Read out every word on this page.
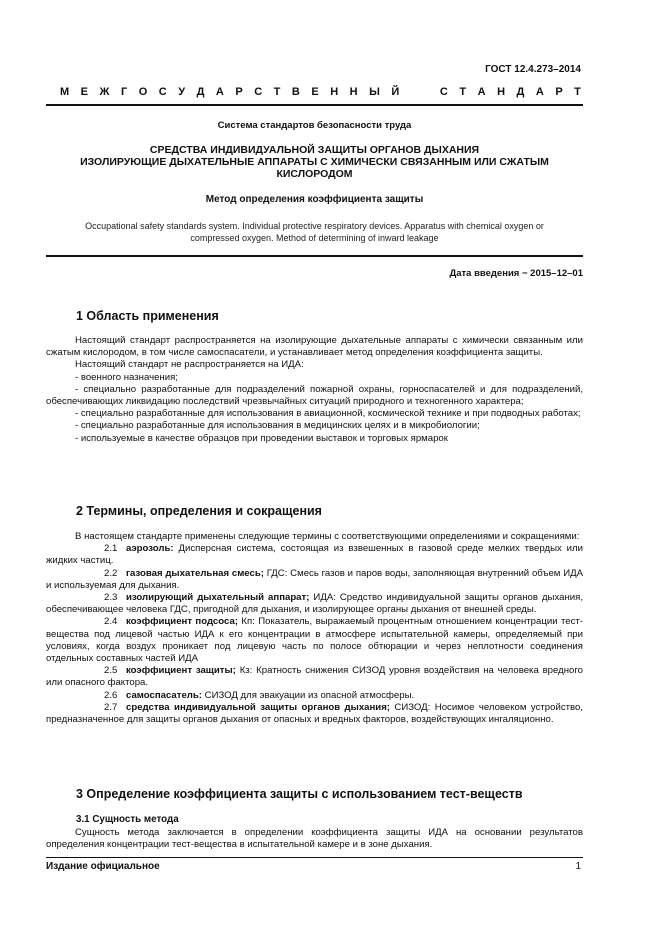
ГОСТ 12.4.273–2014
М Е Ж Г О С У Д А Р С Т В Е Н Н Ы Й

	С Т А Н Д А Р Т
Система стандартов безопасности труда
СРЕДСТВА ИНДИВИДУАЛЬНОЙ ЗАЩИТЫ ОРГАНОВ ДЫХАНИЯ
ИЗОЛИРУЮЩИЕ ДЫХАТЕЛЬНЫЕ АППАРАТЫ С ХИМИЧЕСКИ СВЯЗАННЫМ ИЛИ СЖАТЫМ
КИСЛОРОДОМ
Метод определения коэффициента защиты
Occupational safety standards system. Individual protective respiratory devices. Apparatus with chemical oxygen or
compressed oxygen. Method of determining of inward leakage
Дата введения − 2015–12–01
1 Область применения

Настоящий стандарт распространяется на изолирующие дыхательные аппараты с химически связанным или сжатым кислородом, в том числе самоспасатели, и устанавливает метод определения коэффициента защиты.

Настоящий стандарт не распространяется на ИДА:

- военного назначения;

- специально разработанные для подразделений пожарной охраны, горноспасателей и для подразделений, обеспечивающих ликвидацию последствий чрезвычайных ситуаций природного и техногенного характера;

- специально разработанные для использования в авиационной, космической технике и при подводных работах;

- специально разработанные для использования в медицинских целях и в микробиологии;

- используемые в качестве образцов при проведении выставок и торговых ярмарок

2 Термины, определения и сокращения

В настоящем стандарте применены следующие термины с соответствующими определениями и сокращениями:

2.1 аэрозоль: Дисперсная система, состоящая из взвешенных в газовой среде мелких твердых или жидких частиц.

2.2 газовая дыхательная смесь; ГДС: Смесь газов и паров воды, заполняющая внутренний объем ИДА и используемая для дыхания.

2.3 изолирующий дыхательный аппарат; ИДА: Средство индивидуальной защиты органов дыхания, обеспечивающее человека ГДС, пригодной для дыхания, и изолирующее органы дыхания от внешней среды.

2.4 коэффициент подсоса; Кп: Показатель, выражаемый процентным отношением концентрации тест-вещества под лицевой частью ИДА к его концентрации в атмосфере испытательной камеры, определяемый при условиях, когда воздух проникает под лицевую часть по полосе обтюрации и через неплотности соединения отдельных составных частей ИДА

2.5 коэффициент защиты; Кз: Кратность снижения СИЗОД уровня воздействия на человека вредного или опасного фактора.

2.6 самоспасатель: СИЗОД для эвакуации из опасной атмосферы.

2.7 средства индивидуальной защиты органов дыхания; СИЗОД: Носимое человеком устройство, предназначенное для защиты органов дыхания от опасных и вредных факторов, воздействующих ингаляционно.

3 Определение коэффициента защиты с использованием тест-веществ
3.1 Сущность метода

Сущность метода заключается в определении коэффициента защиты ИДА на основании результатов определения концентрации тест-вещества в испытательной камере и в зоне дыхания.

Издание официальное	1
